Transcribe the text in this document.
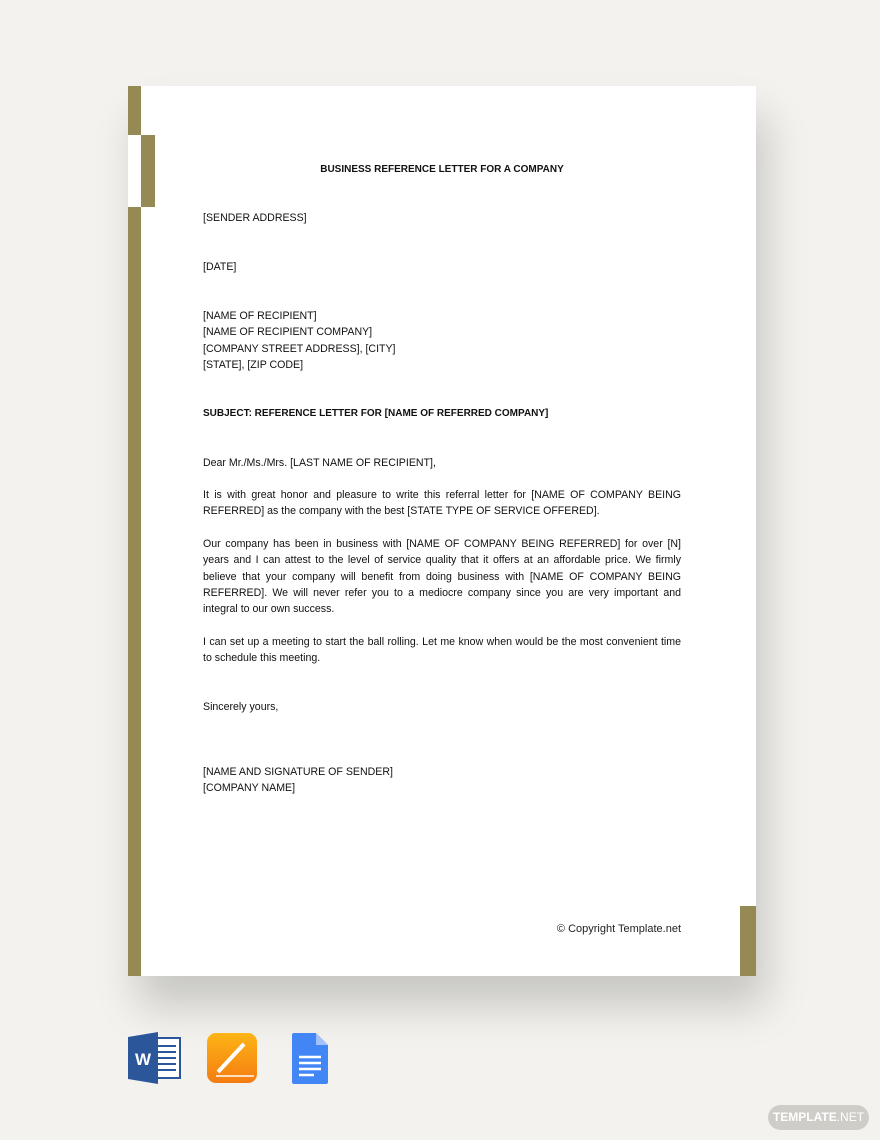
BUSINESS REFERENCE LETTER FOR A COMPANY
[SENDER ADDRESS]
[DATE]
[NAME OF RECIPIENT]
[NAME OF RECIPIENT COMPANY]
[COMPANY STREET ADDRESS], [CITY]
[STATE], [ZIP CODE]
SUBJECT: REFERENCE LETTER FOR [NAME OF REFERRED COMPANY]
Dear Mr./Ms./Mrs. [LAST NAME OF RECIPIENT],
It is with great honor and pleasure to write this referral letter for [NAME OF COMPANY BEING REFERRED] as the company with the best [STATE TYPE OF SERVICE OFFERED].
Our company has been in business with [NAME OF COMPANY BEING REFERRED] for over [N] years and I can attest to the level of service quality that it offers at an affordable price. We firmly believe that your company will benefit from doing business with [NAME OF COMPANY BEING REFERRED]. We will never refer you to a mediocre company since you are very important and integral to our own success.
I can set up a meeting to start the ball rolling. Let me know when would be the most convenient time to schedule this meeting.
Sincerely yours,
[NAME AND SIGNATURE OF SENDER]
[COMPANY NAME]
© Copyright Template.net
W
TEMPLATE.NET
